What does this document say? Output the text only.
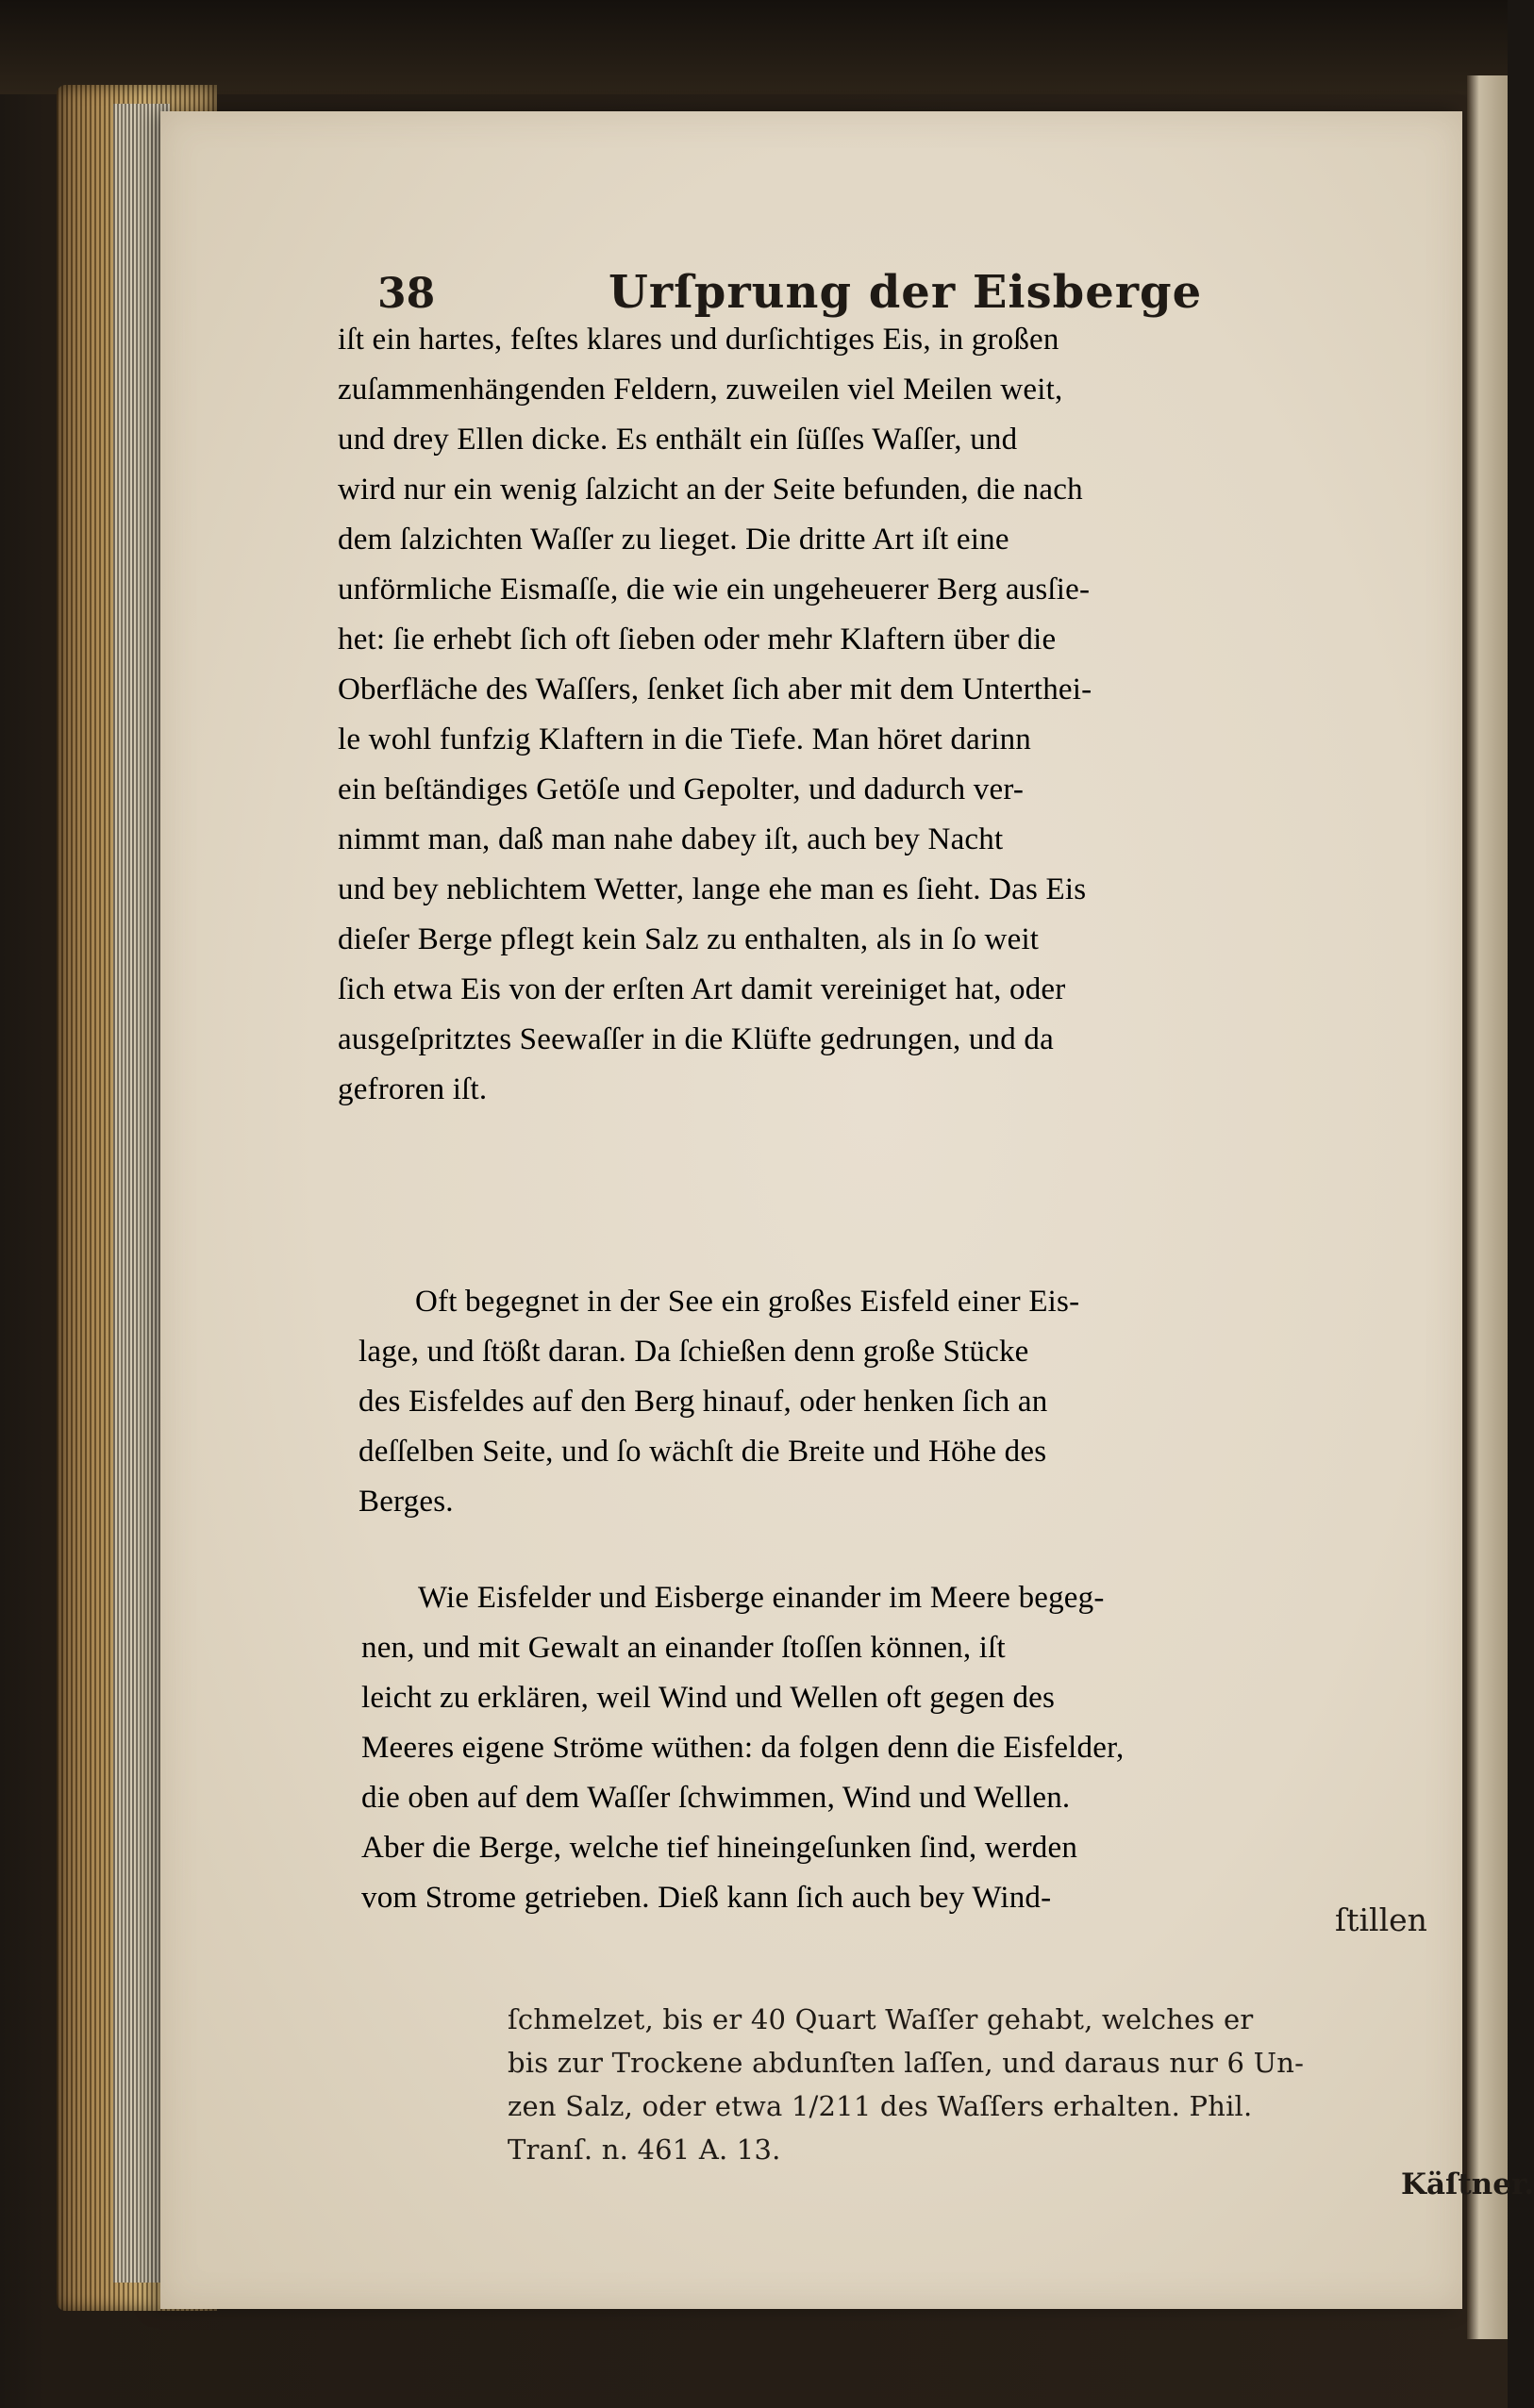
38	Urſprung der Eisberge
iſt ein hartes, feſtes klares und durſichtiges Eis, in großen
zuſammenhängenden Feldern, zuweilen viel Meilen weit,
und drey Ellen dicke. Es enthält ein ſüſſes Waſſer, und
wird nur ein wenig ſalzicht an der Seite befunden, die nach
dem ſalzichten Waſſer zu lieget. Die dritte Art iſt eine
unförmliche Eismaſſe, die wie ein ungeheuerer Berg ausſie-
het: ſie erhebt ſich oft ſieben oder mehr Klaftern über die
Oberfläche des Waſſers, ſenket ſich aber mit dem Unterthei-
le wohl funfzig Klaftern in die Tiefe. Man höret darinn
ein beſtändiges Getöſe und Gepolter, und dadurch ver-
nimmt man, daß man nahe dabey iſt, auch bey Nacht
und bey neblichtem Wetter, lange ehe man es ſieht. Das Eis
dieſer Berge pflegt kein Salz zu enthalten, als in ſo weit
ſich etwa Eis von der erſten Art damit vereiniget hat, oder
ausgeſpritztes Seewaſſer in die Klüfte gedrungen, und da
gefroren iſt.
Oft begegnet in der See ein großes Eisfeld einer Eis-
lage, und ſtößt daran. Da ſchießen denn große Stücke
des Eisfeldes auf den Berg hinauf, oder henken ſich an
deſſelben Seite, und ſo wächſt die Breite und Höhe des
Berges.
Wie Eisfelder und Eisberge einander im Meere begeg-
nen, und mit Gewalt an einander ſtoſſen können, iſt
leicht zu erklären, weil Wind und Wellen oft gegen des
Meeres eigene Ströme wüthen: da folgen denn die Eisfelder,
die oben auf dem Waſſer ſchwimmen, Wind und Wellen.
Aber die Berge, welche tief hineingeſunken ſind, werden
vom Strome getrieben. Dieß kann ſich auch bey Wind-
ſtillen
ſchmelzet, bis er 40 Quart Waſſer gehabt, welches er
bis zur Trockene abdunſten laſſen, und daraus nur 6 Un-
zen Salz, oder etwa 1/211 des Waſſers erhalten. Phil.
Tranſ. n. 461 A. 13.
Käſtner.
